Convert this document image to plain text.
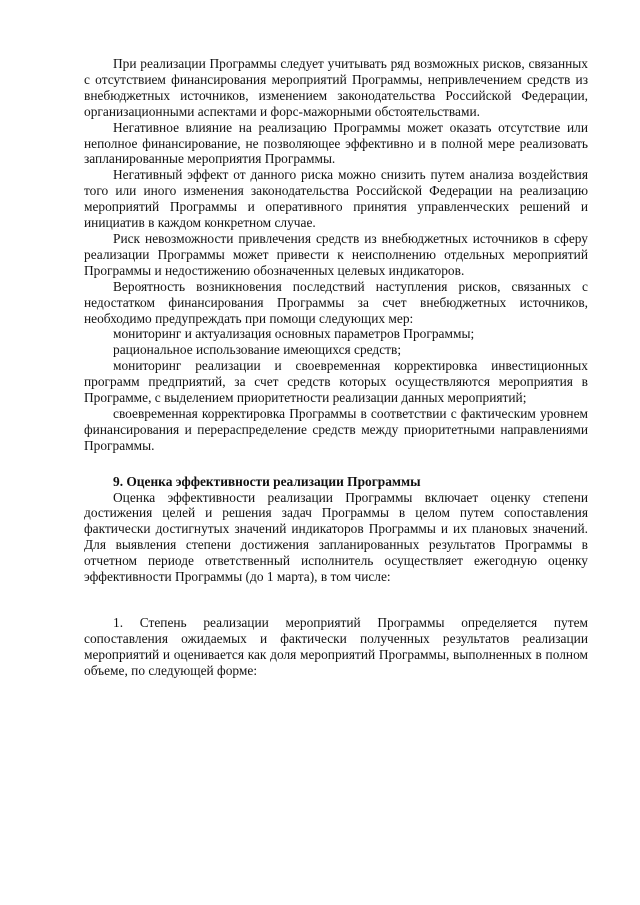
При реализации Программы следует учитывать ряд возможных рисков, связанных с отсутствием финансирования мероприятий Программы, непривлечением средств из внебюджетных источников, изменением законодательства Российской Федерации, организационными аспектами и форс-мажорными обстоятельствами.

Негативное влияние на реализацию Программы может оказать отсутствие или неполное финансирование, не позволяющее эффективно и в полной мере реализовать запланированные мероприятия Программы.

Негативный эффект от данного риска можно снизить путем анализа воздействия того или иного изменения законодательства Российской Федерации на реализацию мероприятий Программы и оперативного принятия управленческих решений и инициатив в каждом конкретном случае.

Риск невозможности привлечения средств из внебюджетных источников в сферу реализации Программы может привести к неисполнению отдельных мероприятий Программы и недостижению обозначенных целевых индикаторов.

Вероятность возникновения последствий наступления рисков, связанных с недостатком финансирования Программы за счет внебюджетных источников, необходимо предупреждать при помощи следующих мер:

мониторинг и актуализация основных параметров Программы;

рациональное использование имеющихся средств;

мониторинг реализации и своевременная корректировка инвестиционных программ предприятий, за счет средств которых осуществляются мероприятия в Программе, с выделением приоритетности реализации данных мероприятий;

своевременная корректировка Программы в соответствии с фактическим уровнем финансирования и перераспределение средств между приоритетными направлениями Программы.

9. Оценка эффективности реализации Программы

Оценка эффективности реализации Программы включает оценку степени достижения целей и решения задач Программы в целом путем сопоставления фактически достигнутых значений индикаторов Программы и их плановых значений. Для выявления степени достижения запланированных результатов Программы в отчетном периоде ответственный исполнитель осуществляет ежегодную оценку эффективности Программы (до 1 марта), в том числе:

1. Степень реализации мероприятий Программы определяется путем сопоставления ожидаемых и фактически полученных результатов реализации мероприятий и оценивается как доля мероприятий Программы, выполненных в полном объеме, по следующей форме:
